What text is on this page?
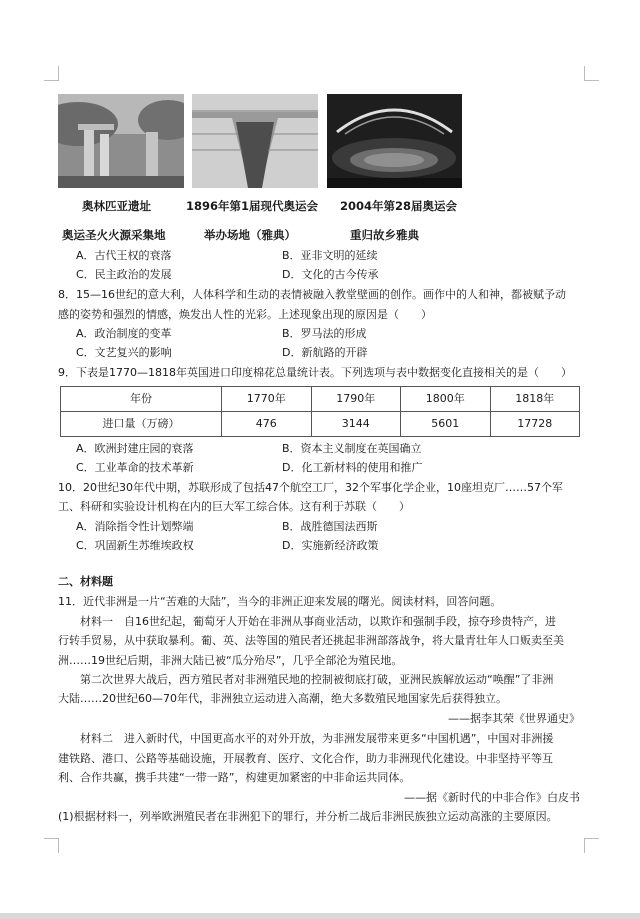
奥林匹亚遗址	1896年第1届现代奥运会 2004年第28届奥运会
奥运圣火火源采集地	举办场地（雅典）	重归故乡雅典
A．古代王权的衰落	B．亚非文明的延续
C．民主政治的发展	D．文化的古今传承
8．15—16世纪的意大利，人体科学和生动的表情被融入教堂壁画的创作。画作中的人和神，都被赋予动
感的姿势和强烈的情感，焕发出人性的光彩。上述现象出现的原因是（　　）
A．政治制度的变革	B．罗马法的形成
C．文艺复兴的影响	D．新航路的开辟
9．下表是1770—1818年英国进口印度棉花总量统计表。下列选项与表中数据变化直接相关的是（　　）
年份	1770年	1790年	1800年	1818年
进口量（万磅）	476	3144	5601	17728
A．欧洲封建庄园的衰落	B．资本主义制度在英国确立
C．工业革命的技术革新	D．化工新材料的使用和推广
10．20世纪30年代中期，苏联形成了包括47个航空工厂，32个军事化学企业，10座坦克厂……57个军
工、科研和实验设计机构在内的巨大军工综合体。这有利于苏联（　　）
A．消除指令性计划弊端	B．战胜德国法西斯
C．巩固新生苏维埃政权	D．实施新经济政策
二、材料题
11．近代非洲是一片“苦难的大陆”，当今的非洲正迎来发展的曙光。阅读材料，回答问题。
　　材料一　自16世纪起，葡萄牙人开始在非洲从事商业活动，以欺诈和强制手段，掠夺珍贵特产，进
行转手贸易，从中获取暴利。葡、英、法等国的殖民者还挑起非洲部落战争，将大量青壮年人口贩卖至美
洲……19世纪后期，非洲大陆已被“瓜分殆尽”，几乎全部沦为殖民地。
　　第二次世界大战后，西方殖民者对非洲殖民地的控制被彻底打破，亚洲民族解放运动“唤醒”了非洲
大陆……20世纪60—70年代，非洲独立运动进入高潮，绝大多数殖民地国家先后获得独立。
——据李其荣《世界通史》
　　材料二　进入新时代，中国更高水平的对外开放，为非洲发展带来更多“中国机遇”，中国对非洲援
建铁路、港口、公路等基础设施，开展教育、医疗、文化合作，助力非洲现代化建设。中非坚持平等互
利、合作共赢，携手共建“一带一路”，构建更加紧密的中非命运共同体。
——据《新时代的中非合作》白皮书
(1)根据材料一，列举欧洲殖民者在非洲犯下的罪行，并分析二战后非洲民族独立运动高涨的主要原因。
